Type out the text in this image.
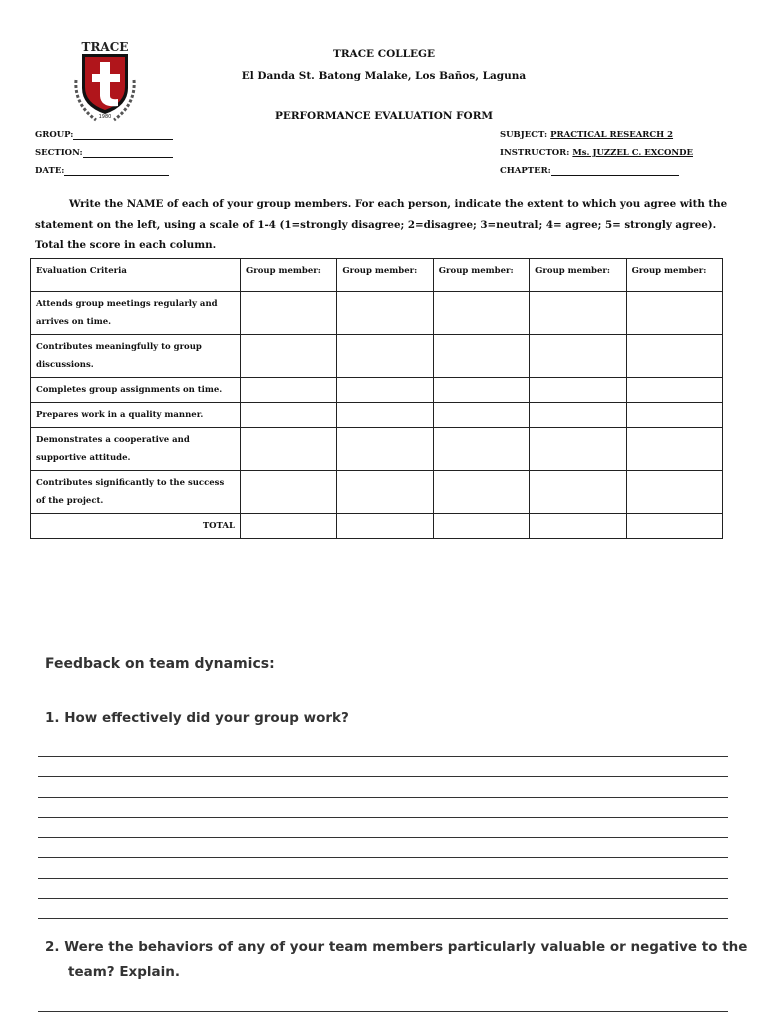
TRACE
1980
TRACE COLLEGE
El Danda St. Batong Malake, Los Baños, Laguna
PERFORMANCE EVALUATION FORM
GROUP:
SECTION:
DATE:
SUBJECT: PRACTICAL RESEARCH 2
INSTRUCTOR: Ms. JUZZEL C. EXCONDE
CHAPTER:
Write the NAME of each of your group members. For each person, indicate the extent to which you agree with the statement on the left, using a scale of 1-4 (1=strongly disagree; 2=disagree; 3=neutral; 4= agree; 5= strongly agree). Total the score in each column.
Evaluation Criteria	Group member:	Group member:	Group member:	Group member:	Group member:
Attends group meetings regularly and arrives on time.					
Contributes meaningfully to group discussions.					
Completes group assignments on time.					
Prepares work in a quality manner.					
Demonstrates a cooperative and supportive attitude.					
Contributes significantly to the success of the project.					
TOTAL					
Feedback on team dynamics:
1. How effectively did your group work?
2. Were the behaviors of any of your team members particularly valuable or negative to the
team? Explain.
